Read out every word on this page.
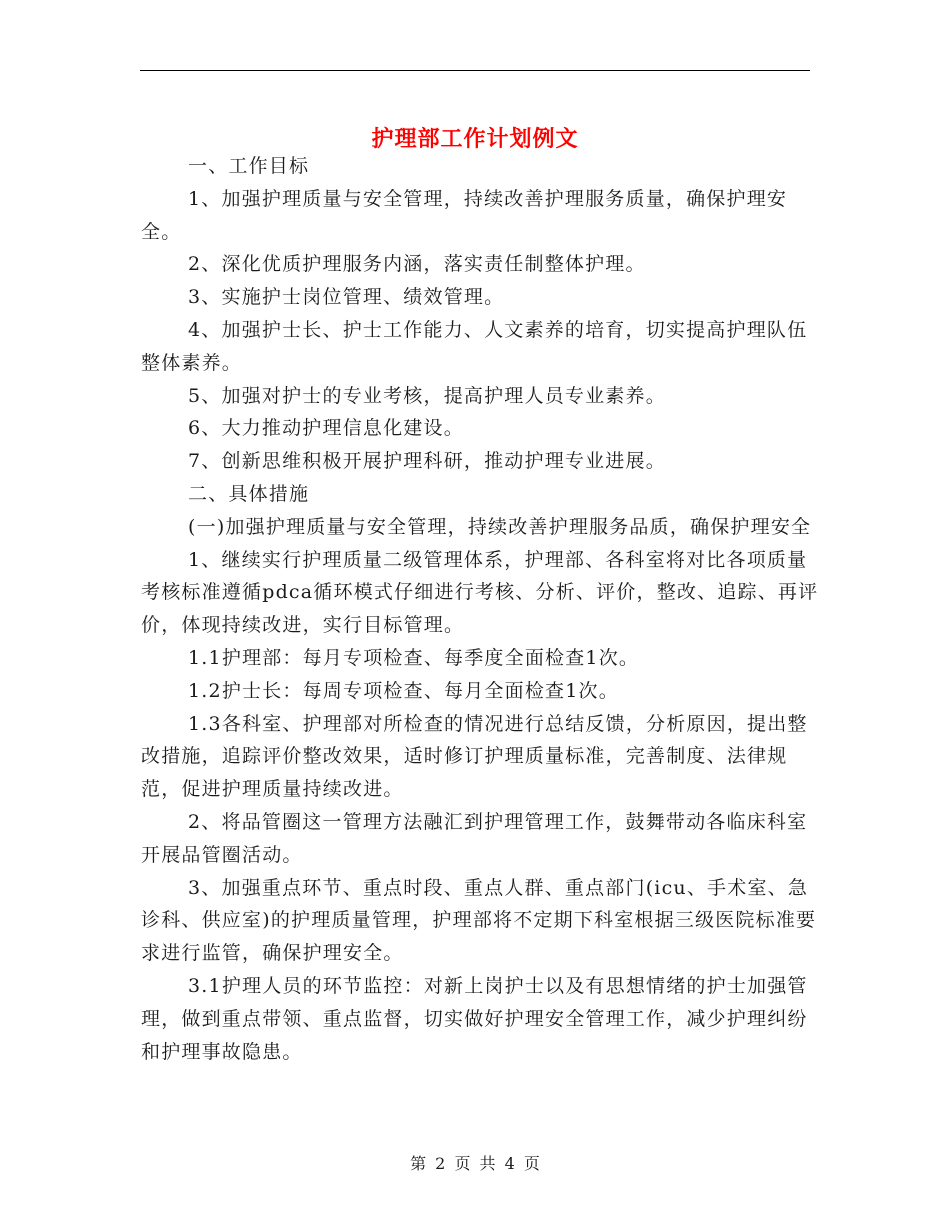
护理部工作计划例文

一、工作目标

1、加强护理质量与安全管理，持续改善护理服务质量，确保护理安全。

2、深化优质护理服务内涵，落实责任制整体护理。

3、实施护士岗位管理、绩效管理。

4、加强护士长、护士工作能力、人文素养的培育，切实提高护理队伍整体素养。

5、加强对护士的专业考核，提高护理人员专业素养。

6、大力推动护理信息化建设。

7、创新思维积极开展护理科研，推动护理专业进展。

二、具体措施

(一)加强护理质量与安全管理，持续改善护理服务品质，确保护理安全

1、继续实行护理质量二级管理体系，护理部、各科室将对比各项质量考核标准遵循pdca循环模式仔细进行考核、分析、评价，整改、追踪、再评价，体现持续改进，实行目标管理。

1.1护理部：每月专项检查、每季度全面检查1次。

1.2护士长：每周专项检查、每月全面检查1次。

1.3各科室、护理部对所检查的情况进行总结反馈，分析原因，提出整改措施，追踪评价整改效果，适时修订护理质量标准，完善制度、法律规范，促进护理质量持续改进。

2、将品管圈这一管理方法融汇到护理管理工作，鼓舞带动各临床科室开展品管圈活动。

3、加强重点环节、重点时段、重点人群、重点部门(icu、手术室、急诊科、供应室)的护理质量管理，护理部将不定期下科室根据三级医院标准要求进行监管，确保护理安全。

3.1护理人员的环节监控：对新上岗护士以及有思想情绪的护士加强管理，做到重点带领、重点监督，切实做好护理安全管理工作，减少护理纠纷和护理事故隐患。

第 2 页 共 4 页
